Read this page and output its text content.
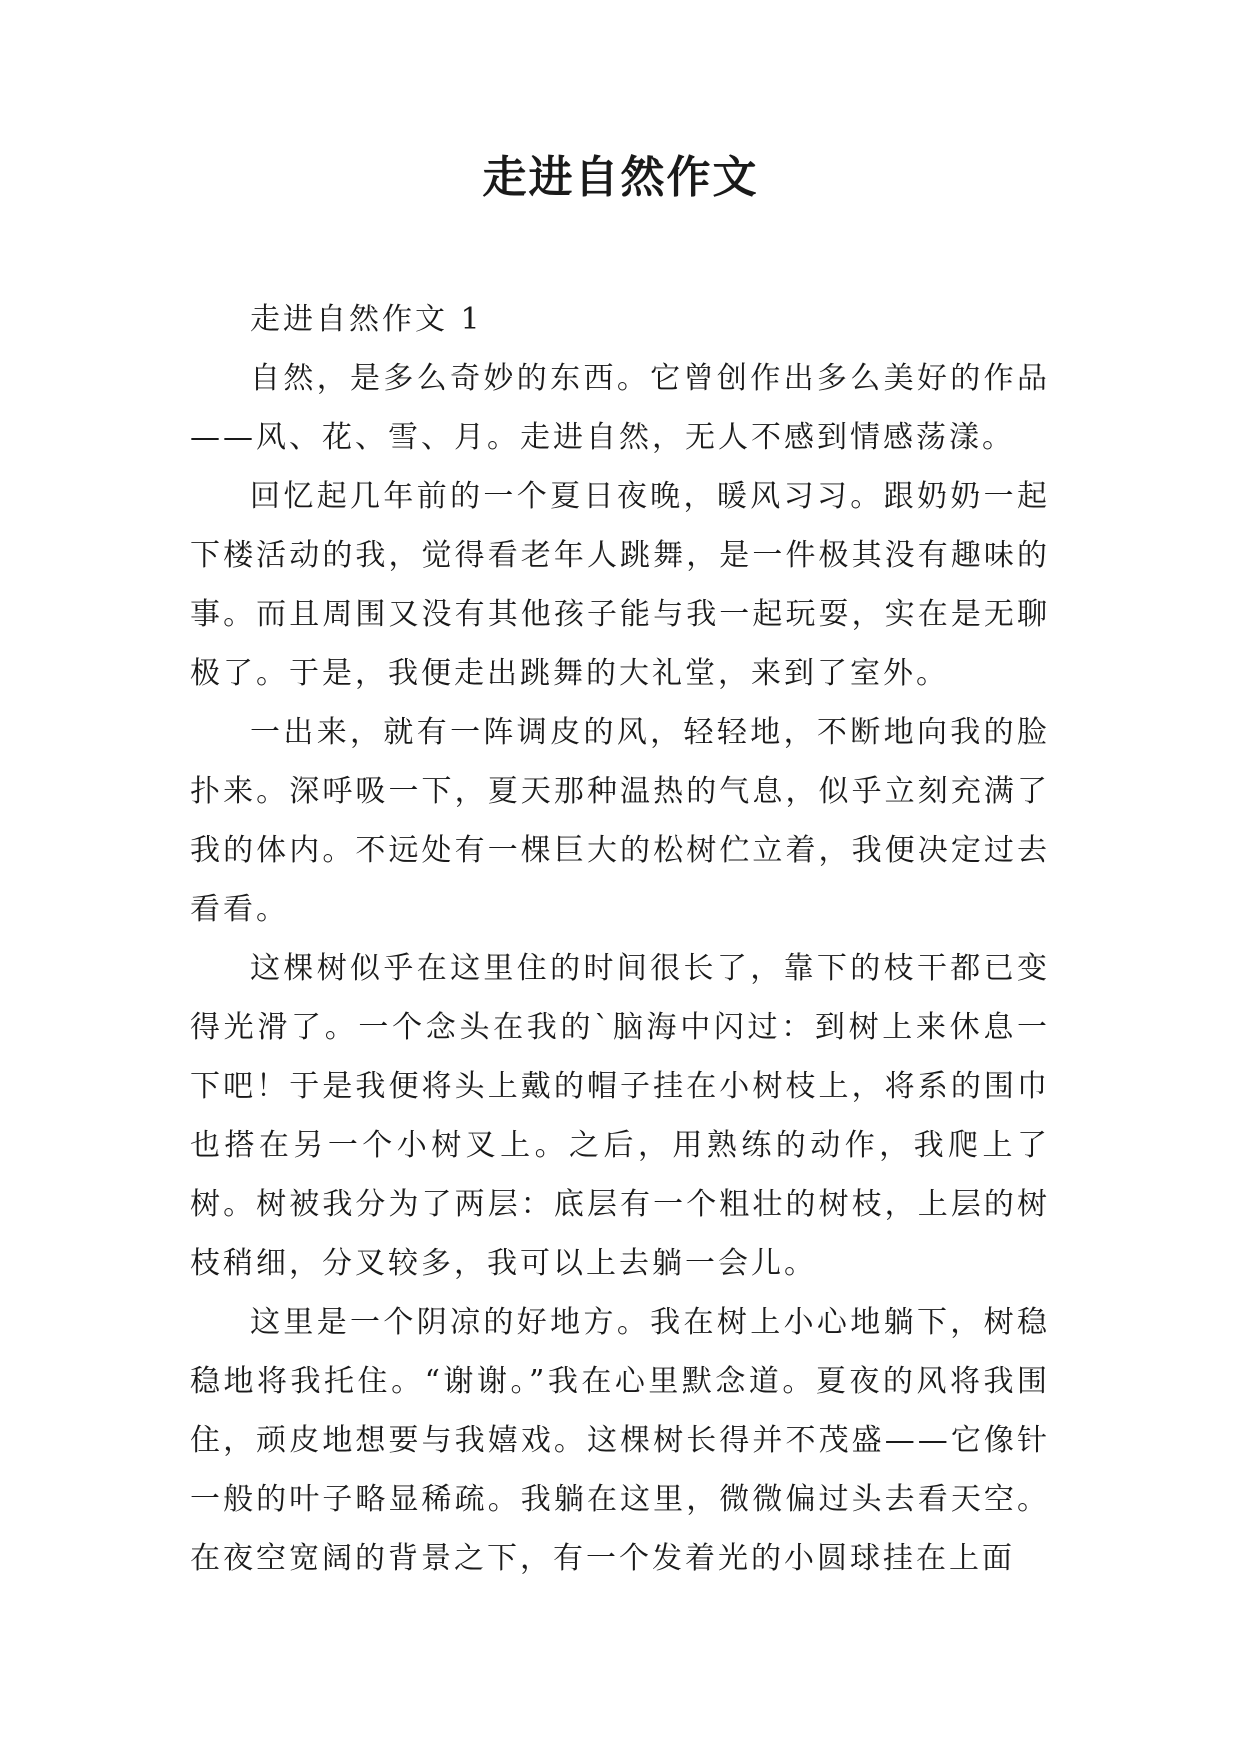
走进自然作文

走进自然作文 1

自然，是多么奇妙的东西。它曾创作出多么美好的作品——风、花、雪、月。走进自然，无人不感到情感荡漾。

回忆起几年前的一个夏日夜晚，暖风习习。跟奶奶一起下楼活动的我，觉得看老年人跳舞，是一件极其没有趣味的事。而且周围又没有其他孩子能与我一起玩耍，实在是无聊极了。于是，我便走出跳舞的大礼堂，来到了室外。

一出来，就有一阵调皮的风，轻轻地，不断地向我的脸扑来。深呼吸一下，夏天那种温热的气息，似乎立刻充满了我的体内。不远处有一棵巨大的松树伫立着，我便决定过去看看。

这棵树似乎在这里住的时间很长了，靠下的枝干都已变得光滑了。一个念头在我的`脑海中闪过：到树上来休息一下吧！于是我便将头上戴的帽子挂在小树枝上，将系的围巾也搭在另一个小树叉上。之后，用熟练的动作，我爬上了树。树被我分为了两层：底层有一个粗壮的树枝，上层的树枝稍细，分叉较多，我可以上去躺一会儿。

这里是一个阴凉的好地方。我在树上小心地躺下，树稳稳地将我托住。“谢谢。”我在心里默念道。夏夜的风将我围住，顽皮地想要与我嬉戏。这棵树长得并不茂盛——它像针一般的叶子略显稀疏。我躺在这里，微微偏过头去看天空。在夜空宽阔的背景之下，有一个发着光的小圆球挂在上面
